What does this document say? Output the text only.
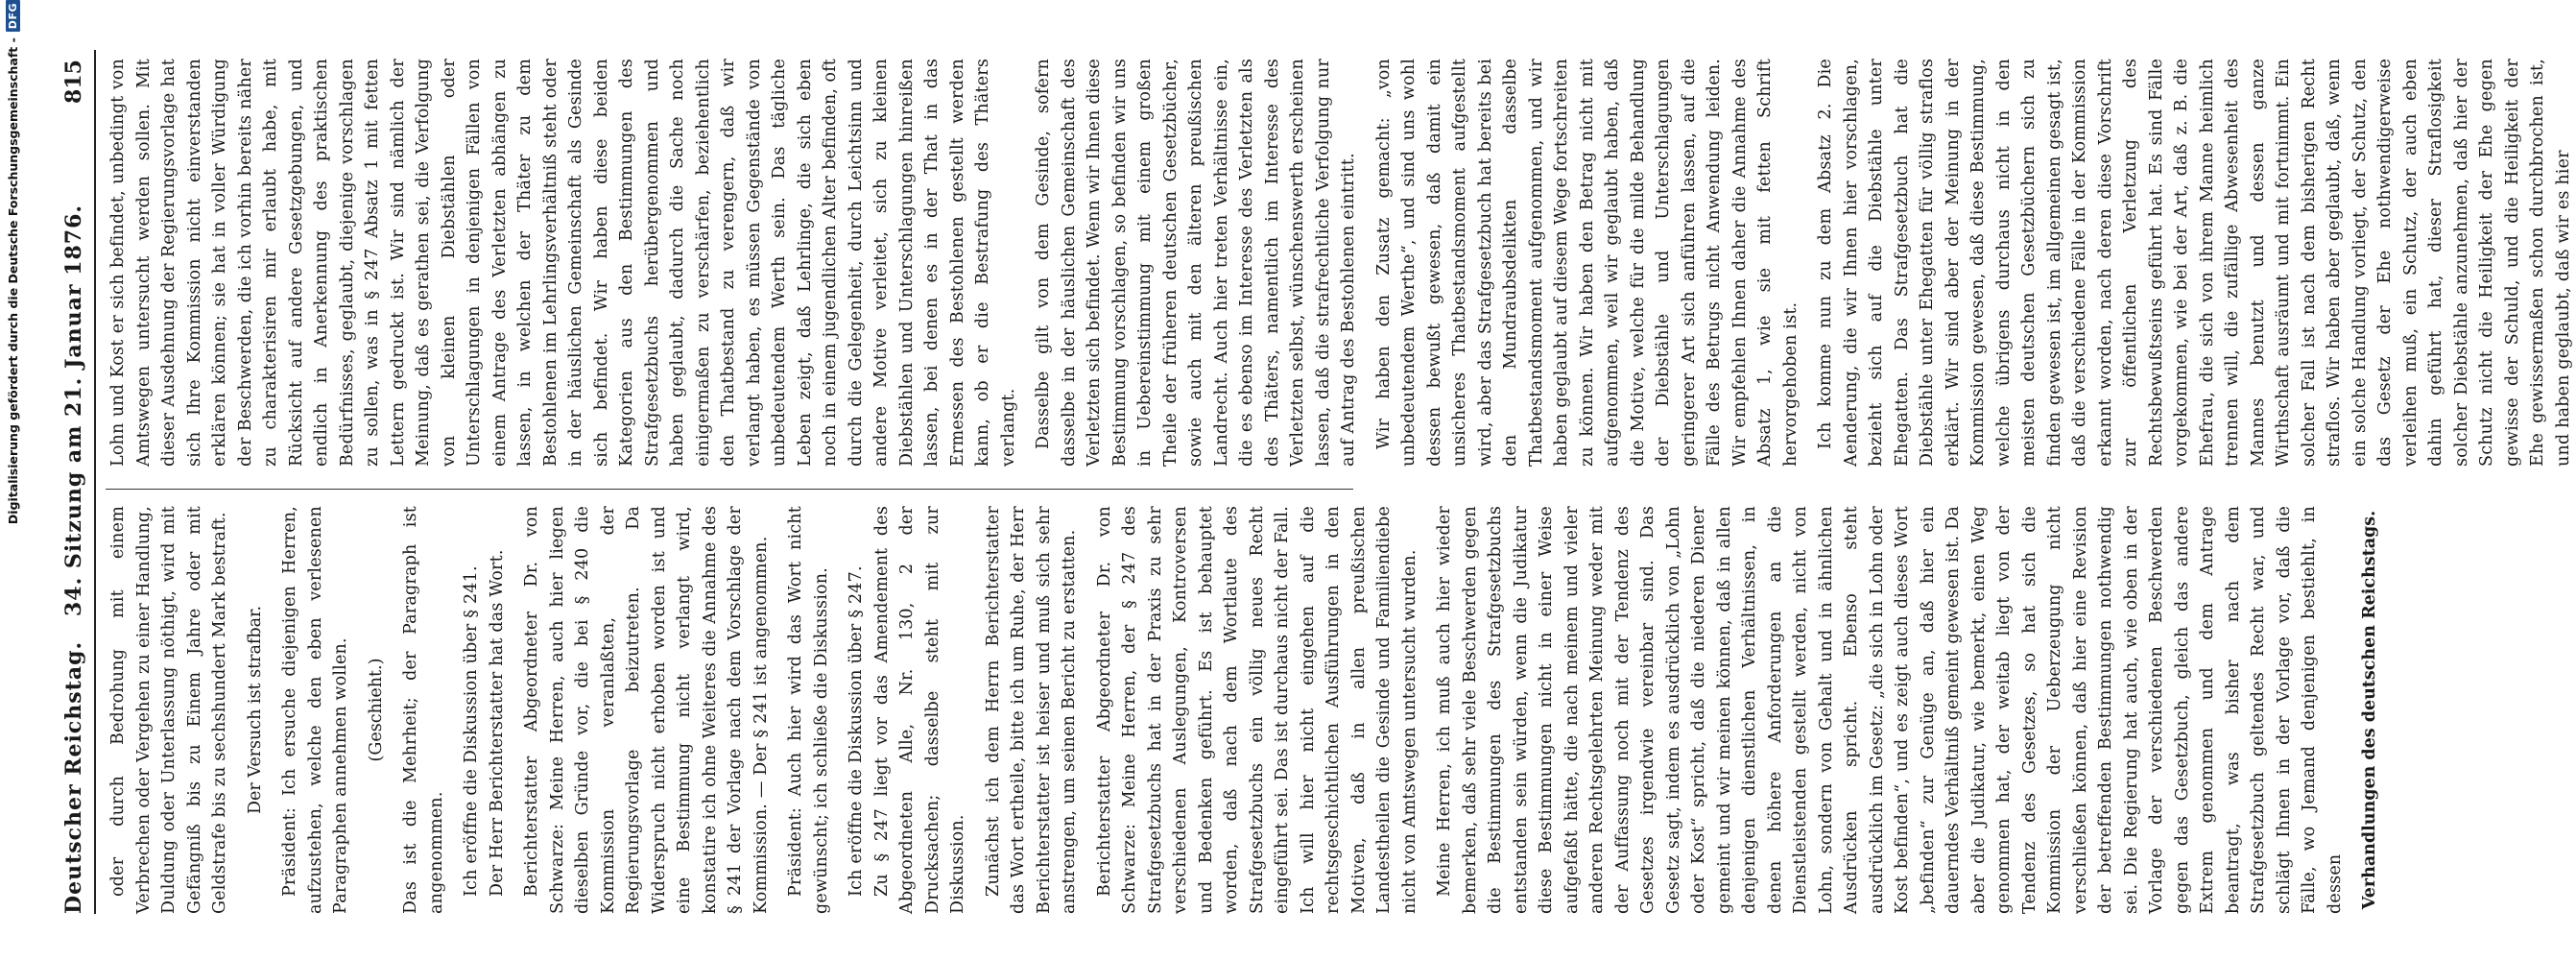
Deutscher Reichstag.
34. Sitzung am 21. Januar 1876.
815

oder durch Bedrohung mit einem Verbrechen oder Vergehen zu einer Handlung, Duldung oder Unterlassung nöthigt, wird mit Gefängniß bis zu Einem Jahre oder mit Geldstrafe bis zu sechshundert Mark bestraft. Der Versuch ist strafbar. Präsident: Ich ersuche diejenigen Herren, aufzustehen, welche den eben verlesenen Paragraphen annehmen wollen. (Geschieht.) Das ist die Mehrheit; der Paragraph ist angenommen. Ich eröffne die Diskussion über § 241. Der Herr Berichterstatter hat das Wort. Berichterstatter Abgeordneter Dr. von Schwarze: Meine Herren, auch hier liegen dieselben Gründe vor, die bei § 240 die Kommission veranlaßten, der Regierungsvorlage beizutreten. Da Widerspruch nicht erhoben worden ist und eine Bestimmung nicht verlangt wird, konstatire ich ohne Weiteres die Annahme des § 241 der Vorlage nach dem Vorschlage der Kommission. — Der § 241 ist angenommen. Präsident: Auch hier wird das Wort nicht gewünscht; ich schließe die Diskussion. Ich eröffne die Diskussion über § 247. Zu § 247 liegt vor das Amendement des Abgeordneten Alle, Nr. 130, 2 der Drucksachen; dasselbe steht mit zur Diskussion. Zunächst ich dem Herrn Berichterstatter das Wort ertheile, bitte ich um Ruhe, der Herr Berichterstatter ist heiser und muß sich sehr anstrengen, um seinen Bericht zu erstatten. Berichterstatter Abgeordneter Dr. von Schwarze: Meine Herren, der § 247 des Strafgesetzbuchs hat in der Praxis zu sehr verschiedenen Auslegungen, Kontroversen und Bedenken geführt. Es ist behauptet worden, daß nach dem Wortlaute des Strafgesetzbuchs ein völlig neues Recht eingeführt sei. Das ist durchaus nicht der Fall. Ich will hier nicht eingehen auf die rechtsgeschichtlichen Ausführungen in den Motiven, daß in allen preußischen Landestheilen die Gesinde und Familiendiebe nicht von Amtswegen untersucht wurden. Meine Herren, ich muß auch hier wieder bemerken, daß sehr viele Beschwerden gegen die Bestimmungen des Strafgesetzbuchs entstanden sein würden, wenn die Judikatur diese Bestimmungen nicht in einer Weise aufgefaßt hätte, die nach meinem und vieler anderen Rechtsgelehrten Meinung weder mit der Auffassung noch mit der Tendenz des Gesetzes irgendwie vereinbar sind. Das Gesetz sagt, indem es ausdrücklich von „Lohn oder Kost“ spricht, daß die niederen Diener gemeint und wir meinen können, daß in allen denjenigen dienstlichen Verhältnissen, in denen höhere Anforderungen an die Dienstleistenden gestellt werden, nicht von Lohn, sondern von Gehalt und in ähnlichen Ausdrücken spricht. Ebenso steht ausdrücklich im Gesetz: „die sich in Lohn oder Kost befinden“, und es zeigt auch dieses Wort „befinden“ zur Genüge an, daß hier ein dauerndes Verhältniß gemeint gewesen ist. Da aber die Judikatur, wie bemerkt, einen Weg genommen hat, der weitab liegt von der Tendenz des Gesetzes, so hat sich die Kommission der Ueberzeugung nicht verschließen können, daß hier eine Revision der betreffenden Bestimmungen nothwendig sei. Die Regierung hat auch, wie oben in der Vorlage der verschiedenen Beschwerden gegen das Gesetzbuch, gleich das andere Extrem genommen und dem Antrage beantragt, was bisher nach dem Strafgesetzbuch geltendes Recht war, und schlägt Ihnen in der Vorlage vor, daß die Fälle, wo Jemand denjenigen bestiehlt, in dessen Verhandlungen des deutschen Reichstags.

Lohn und Kost er sich befindet, unbedingt von Amtswegen untersucht werden sollen. Mit dieser Ausdehnung der Regierungsvorlage hat sich Ihre Kommission nicht einverstanden erklären können; sie hat in voller Würdigung der Beschwerden, die ich vorhin bereits näher zu charakterisiren mir erlaubt habe, mit Rücksicht auf andere Gesetzgebungen, und endlich in Anerkennung des praktischen Bedürfnisses, geglaubt, diejenige vorschlagen zu sollen, was in § 247 Absatz 1 mit fetten Lettern gedruckt ist. Wir sind nämlich der Meinung, daß es gerathen sei, die Verfolgung von kleinen Diebstählen oder Unterschlagungen in denjenigen Fällen von einem Antrage des Verletzten abhängen zu lassen, in welchen der Thäter zu dem Bestohlenen im Lehrlingsverhältniß steht oder in der häuslichen Gemeinschaft als Gesinde sich befindet. Wir haben diese beiden Kategorien aus den Bestimmungen des Strafgesetzbuchs herübergenommen und haben geglaubt, dadurch die Sache noch einigermaßen zu verschärfen, beziehentlich den Thatbestand zu verengern, daß wir verlangt haben, es müssen Gegenstände von unbedeutendem Werth sein. Das tägliche Leben zeigt, daß Lehrlinge, die sich eben noch in einem jugendlichen Alter befinden, oft durch die Gelegenheit, durch Leichtsinn und andere Motive verleitet, sich zu kleinen Diebstählen und Unterschlagungen hinreißen lassen, bei denen es in der That in das Ermessen des Bestohlenen gestellt werden kann, ob er die Bestrafung des Thäters verlangt. Dasselbe gilt von dem Gesinde, sofern dasselbe in der häuslichen Gemeinschaft des Verletzten sich befindet. Wenn wir Ihnen diese Bestimmung vorschlagen, so befinden wir uns in Uebereinstimmung mit einem großen Theile der früheren deutschen Gesetzbücher, sowie auch mit den älteren preußischen Landrecht. Auch hier treten Verhältnisse ein, die es ebenso im Interesse des Verletzten als des Thäters, namentlich im Interesse des Verletzten selbst, wünschenswerth erscheinen lassen, daß die strafrechtliche Verfolgung nur auf Antrag des Bestohlenen eintritt. Wir haben den Zusatz gemacht: „von unbedeutendem Werthe“, und sind uns wohl dessen bewußt gewesen, daß damit ein unsicheres Thatbestandsmoment aufgestellt wird, aber das Strafgesetzbuch hat bereits bei den Mundraubsdelikten dasselbe Thatbestandsmoment aufgenommen, und wir haben geglaubt auf diesem Wege fortschreiten zu können. Wir haben den Betrag nicht mit aufgenommen, weil wir geglaubt haben, daß die Motive, welche für die milde Behandlung der Diebstähle und Unterschlagungen geringerer Art sich anführen lassen, auf die Fälle des Betrugs nicht Anwendung leiden. Wir empfehlen Ihnen daher die Annahme des Absatz 1, wie sie mit fetten Schrift hervorgehoben ist. Ich komme nun zu dem Absatz 2. Die Aenderung, die wir Ihnen hier vorschlagen, bezieht sich auf die Diebstähle unter Ehegatten. Das Strafgesetzbuch hat die Diebstähle unter Ehegatten für völlig straflos erklärt. Wir sind aber der Meinung in der Kommission gewesen, daß diese Bestimmung, welche übrigens durchaus nicht in den meisten deutschen Gesetzbüchern sich zu finden gewesen ist, im allgemeinen gesagt ist, daß die verschiedene Fälle in der Kommission erkannt worden, nach deren diese Vorschrift zur öffentlichen Verletzung des Rechtsbewußtseins geführt hat. Es sind Fälle vorgekommen, wie bei der Art, daß z. B. die Ehefrau, die sich von ihrem Manne heimlich trennen will, die zufällige Abwesenheit des Mannes benutzt und dessen ganze Wirthschaft ausräumt und mit fortnimmt. Ein solcher Fall ist nach dem bisherigen Recht straflos. Wir haben aber geglaubt, daß, wenn ein solche Handlung vorliegt, der Schutz, den das Gesetz der Ehe nothwendigerweise verleihen muß, ein Schutz, der auch eben dahin geführt hat, dieser Straflosigkeit solcher Diebstähle anzunehmen, daß hier der Schutz nicht die Heiligkeit der Ehe gegen gewisse der Schuld, und die Heiligkeit der Ehe gewissermaßen schon durchbrochen ist, und haben geglaubt, daß wir es hier

Digitalisierung gefördert durch die Deutsche Forschungsgemeinschaft -
DFG
